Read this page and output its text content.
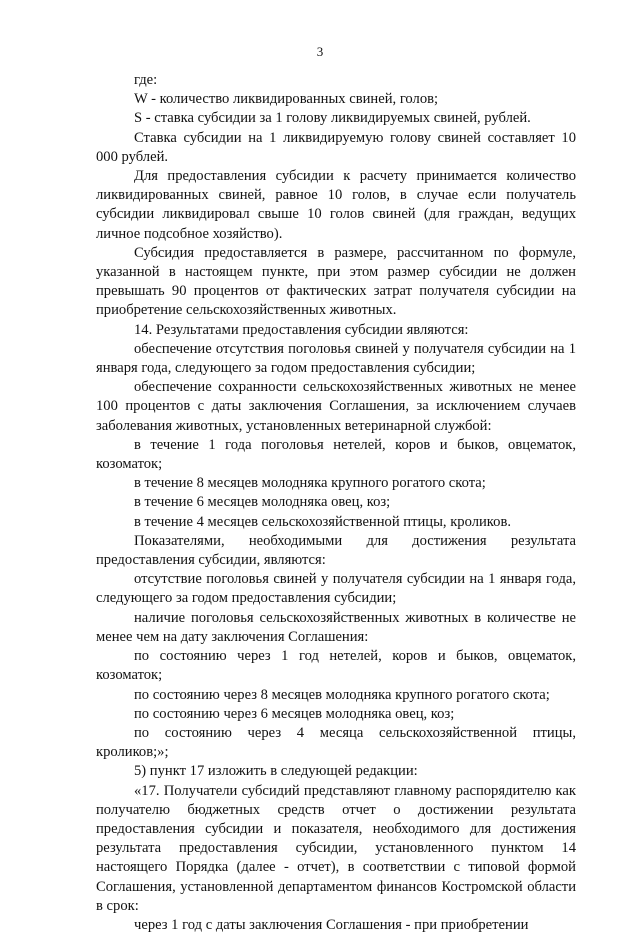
3

где:

W - количество ликвидированных свиней, голов;

S - ставка субсидии за 1 голову ликвидируемых свиней, рублей.

Ставка субсидии на 1 ликвидируемую голову свиней составляет 10 000 рублей.

Для предоставления субсидии к расчету принимается количество ликвидированных свиней, равное 10 голов, в случае если получатель субсидии ликвидировал свыше 10 голов свиней (для граждан, ведущих личное подсобное хозяйство).

Субсидия предоставляется в размере, рассчитанном по формуле, указанной в настоящем пункте, при этом размер субсидии не должен превышать 90 процентов от фактических затрат получателя субсидии на приобретение сельскохозяйственных животных.

14. Результатами предоставления субсидии являются:

обеспечение отсутствия поголовья свиней у получателя субсидии на 1 января года, следующего за годом предоставления субсидии;

обеспечение сохранности сельскохозяйственных животных не менее 100 процентов с даты заключения Соглашения, за исключением случаев заболевания животных, установленных ветеринарной службой:

в течение 1 года поголовья нетелей, коров и быков, овцематок, козоматок;

в течение 8 месяцев молодняка крупного рогатого скота;

в течение 6 месяцев молодняка овец, коз;

в течение 4 месяцев сельскохозяйственной птицы, кроликов.

Показателями, необходимыми для достижения результата предоставления субсидии, являются:

отсутствие поголовья свиней у получателя субсидии на 1 января года, следующего за годом предоставления субсидии;

наличие поголовья сельскохозяйственных животных в количестве не менее чем на дату заключения Соглашения:

по состоянию через 1 год нетелей, коров и быков, овцематок, козоматок;

по состоянию через 8 месяцев молодняка крупного рогатого скота;

по состоянию через 6 месяцев молодняка овец, коз;

по состоянию через 4 месяца сельскохозяйственной птицы, кроликов;»;

5) пункт 17 изложить в следующей редакции:

«17. Получатели субсидий представляют главному распорядителю как получателю бюджетных средств отчет о достижении результата предоставления субсидии и показателя, необходимого для достижения результата предоставления субсидии, установленного пунктом 14 настоящего Порядка (далее - отчет), в соответствии с типовой формой Соглашения, установленной департаментом финансов Костромской области в срок:

через 1 год с даты заключения Соглашения - при приобретении
